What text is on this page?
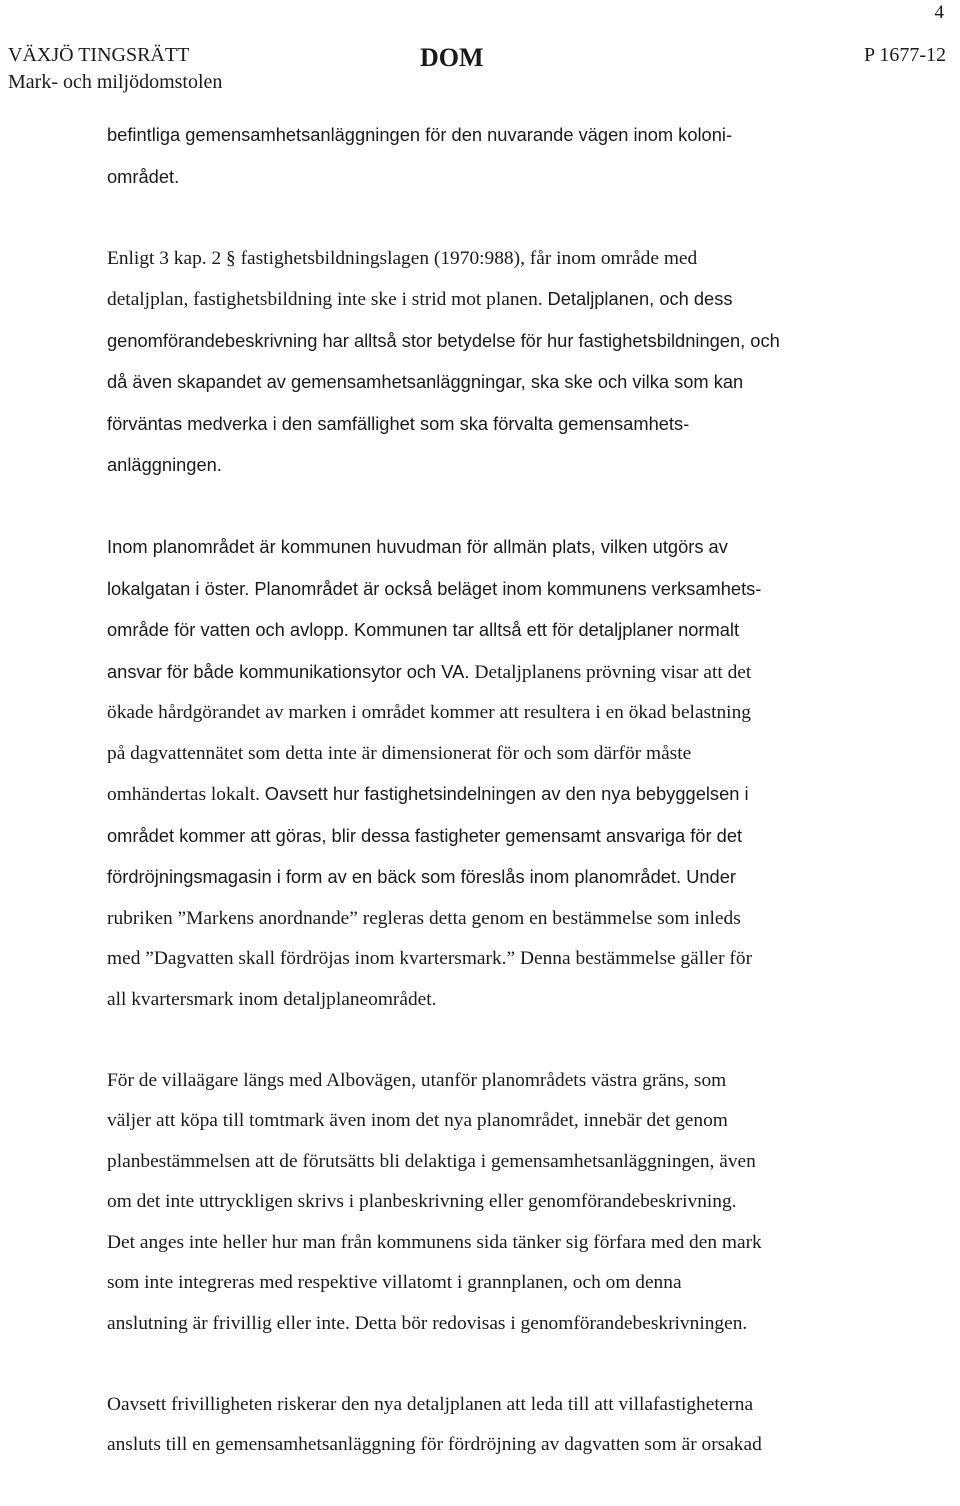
4
VÄXJÖ TINGSRÄTT
Mark- och miljödomstolen
DOM	P 1677-12
befintliga gemensamhetsanläggningen för den nuvarande vägen inom koloni-
området.
Enligt 3 kap. 2 § fastighetsbildningslagen (1970:988), får inom område med
detaljplan, fastighetsbildning inte ske i strid mot planen. Detaljplanen, och dess
genomförandebeskrivning har alltså stor betydelse för hur fastighetsbildningen, och
då även skapandet av gemensamhetsanläggningar, ska ske och vilka som kan
förväntas medverka i den samfällighet som ska förvalta gemensamhets-
anläggningen.
Inom planområdet är kommunen huvudman för allmän plats, vilken utgörs av
lokalgatan i öster. Planområdet är också beläget inom kommunens verksamhets-
område för vatten och avlopp. Kommunen tar alltså ett för detaljplaner normalt
ansvar för både kommunikationsytor och VA. Detaljplanens prövning visar att det
ökade hårdgörandet av marken i området kommer att resultera i en ökad belastning
på dagvattennätet som detta inte är dimensionerat för och som därför måste
omhändertas lokalt. Oavsett hur fastighetsindelningen av den nya bebyggelsen i
området kommer att göras, blir dessa fastigheter gemensamt ansvariga för det
fördröjningsmagasin i form av en bäck som föreslås inom planområdet. Under
rubriken ”Markens anordnande” regleras detta genom en bestämmelse som inleds
med ”Dagvatten skall fördröjas inom kvartersmark.” Denna bestämmelse gäller för
all kvartersmark inom detaljplaneområdet.
För de villaägare längs med Albovägen, utanför planområdets västra gräns, som
väljer att köpa till tomtmark även inom det nya planområdet, innebär det genom
planbestämmelsen att de förutsätts bli delaktiga i gemensamhetsanläggningen, även
om det inte uttryckligen skrivs i planbeskrivning eller genomförandebeskrivning.
Det anges inte heller hur man från kommunens sida tänker sig förfara med den mark
som inte integreras med respektive villatomt i grannplanen, och om denna
anslutning är frivillig eller inte. Detta bör redovisas i genomförandebeskrivningen.
Oavsett frivilligheten riskerar den nya detaljplanen att leda till att villafastigheterna
ansluts till en gemensamhetsanläggning för fördröjning av dagvatten som är orsakad
